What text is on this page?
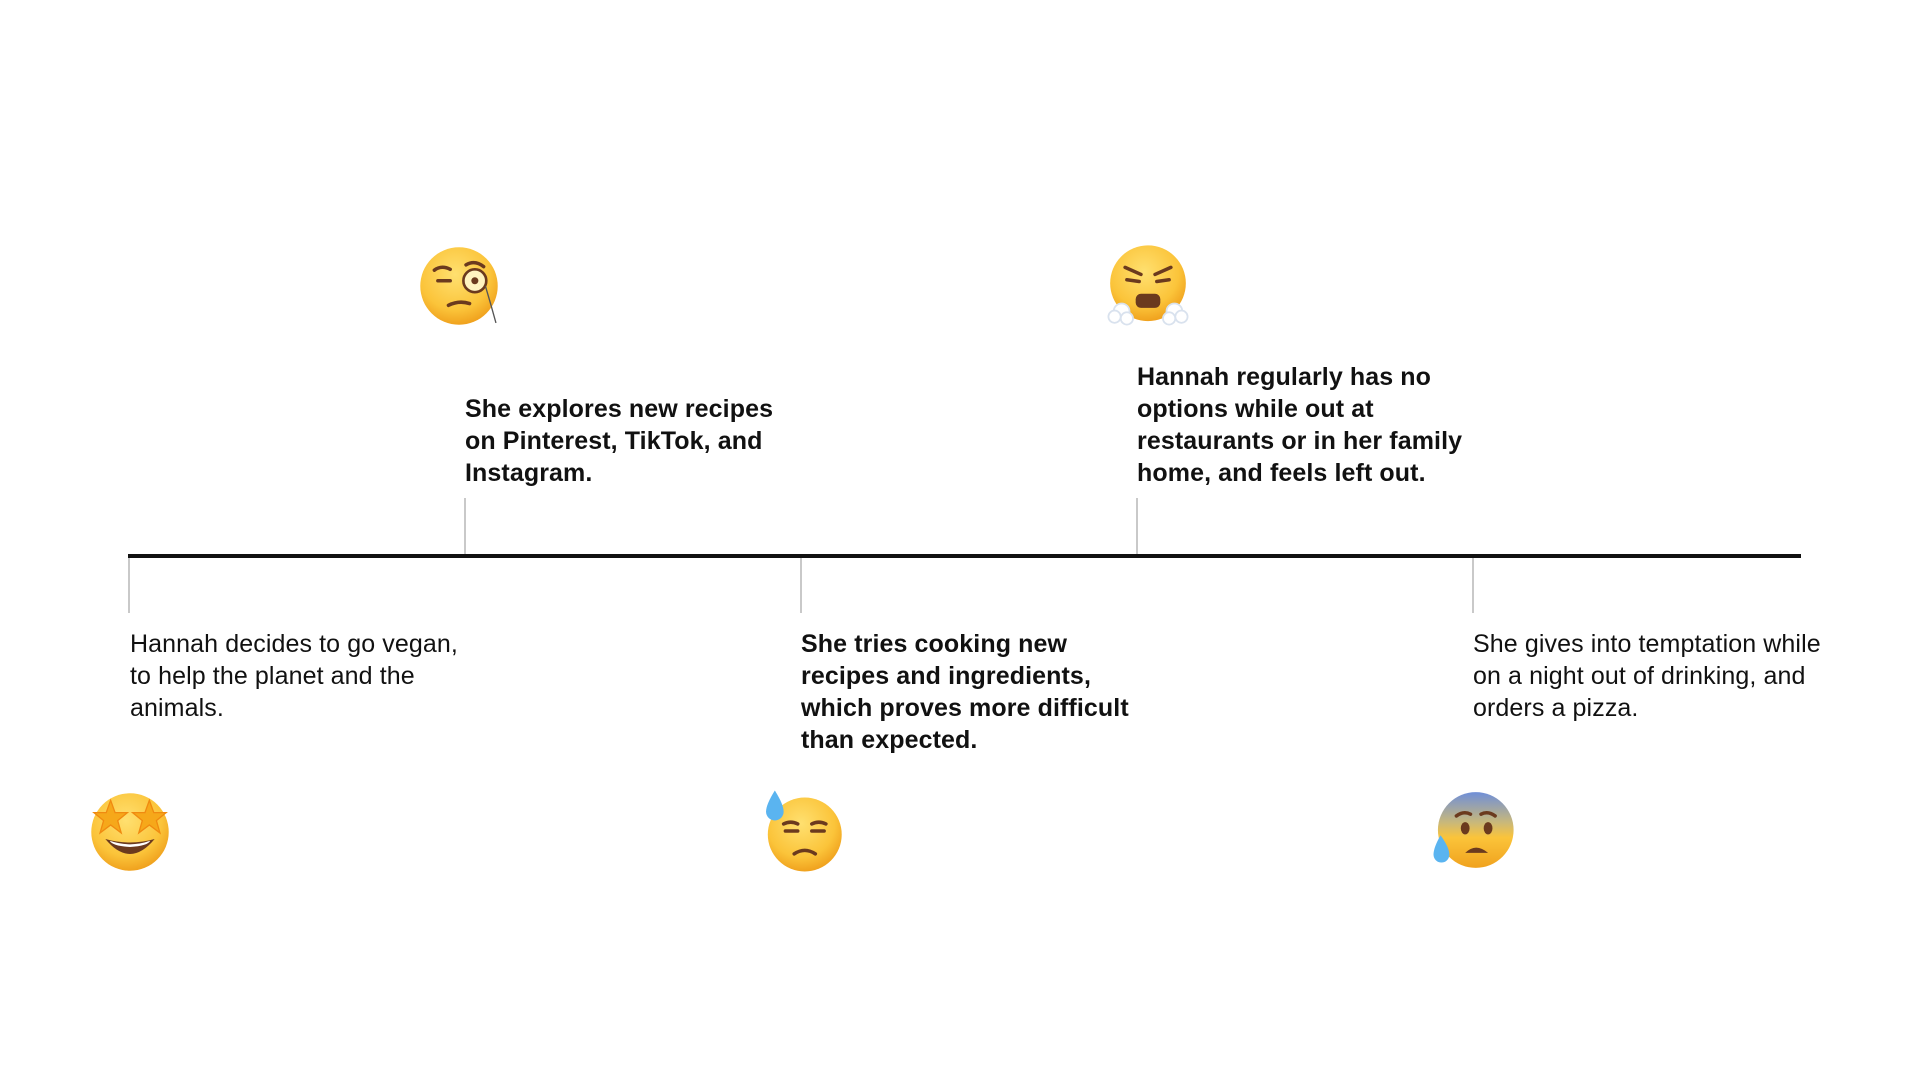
Hannah decides to go vegan, to help the planet and the animals.
She explores new recipes on Pinterest, TikTok, and Instagram.
She tries cooking new recipes and ingredients, which proves more difficult than expected.
Hannah regularly has no options while out at restaurants or in her family home, and feels left out.
She gives into temptation while on a night out of drinking, and orders a pizza.
